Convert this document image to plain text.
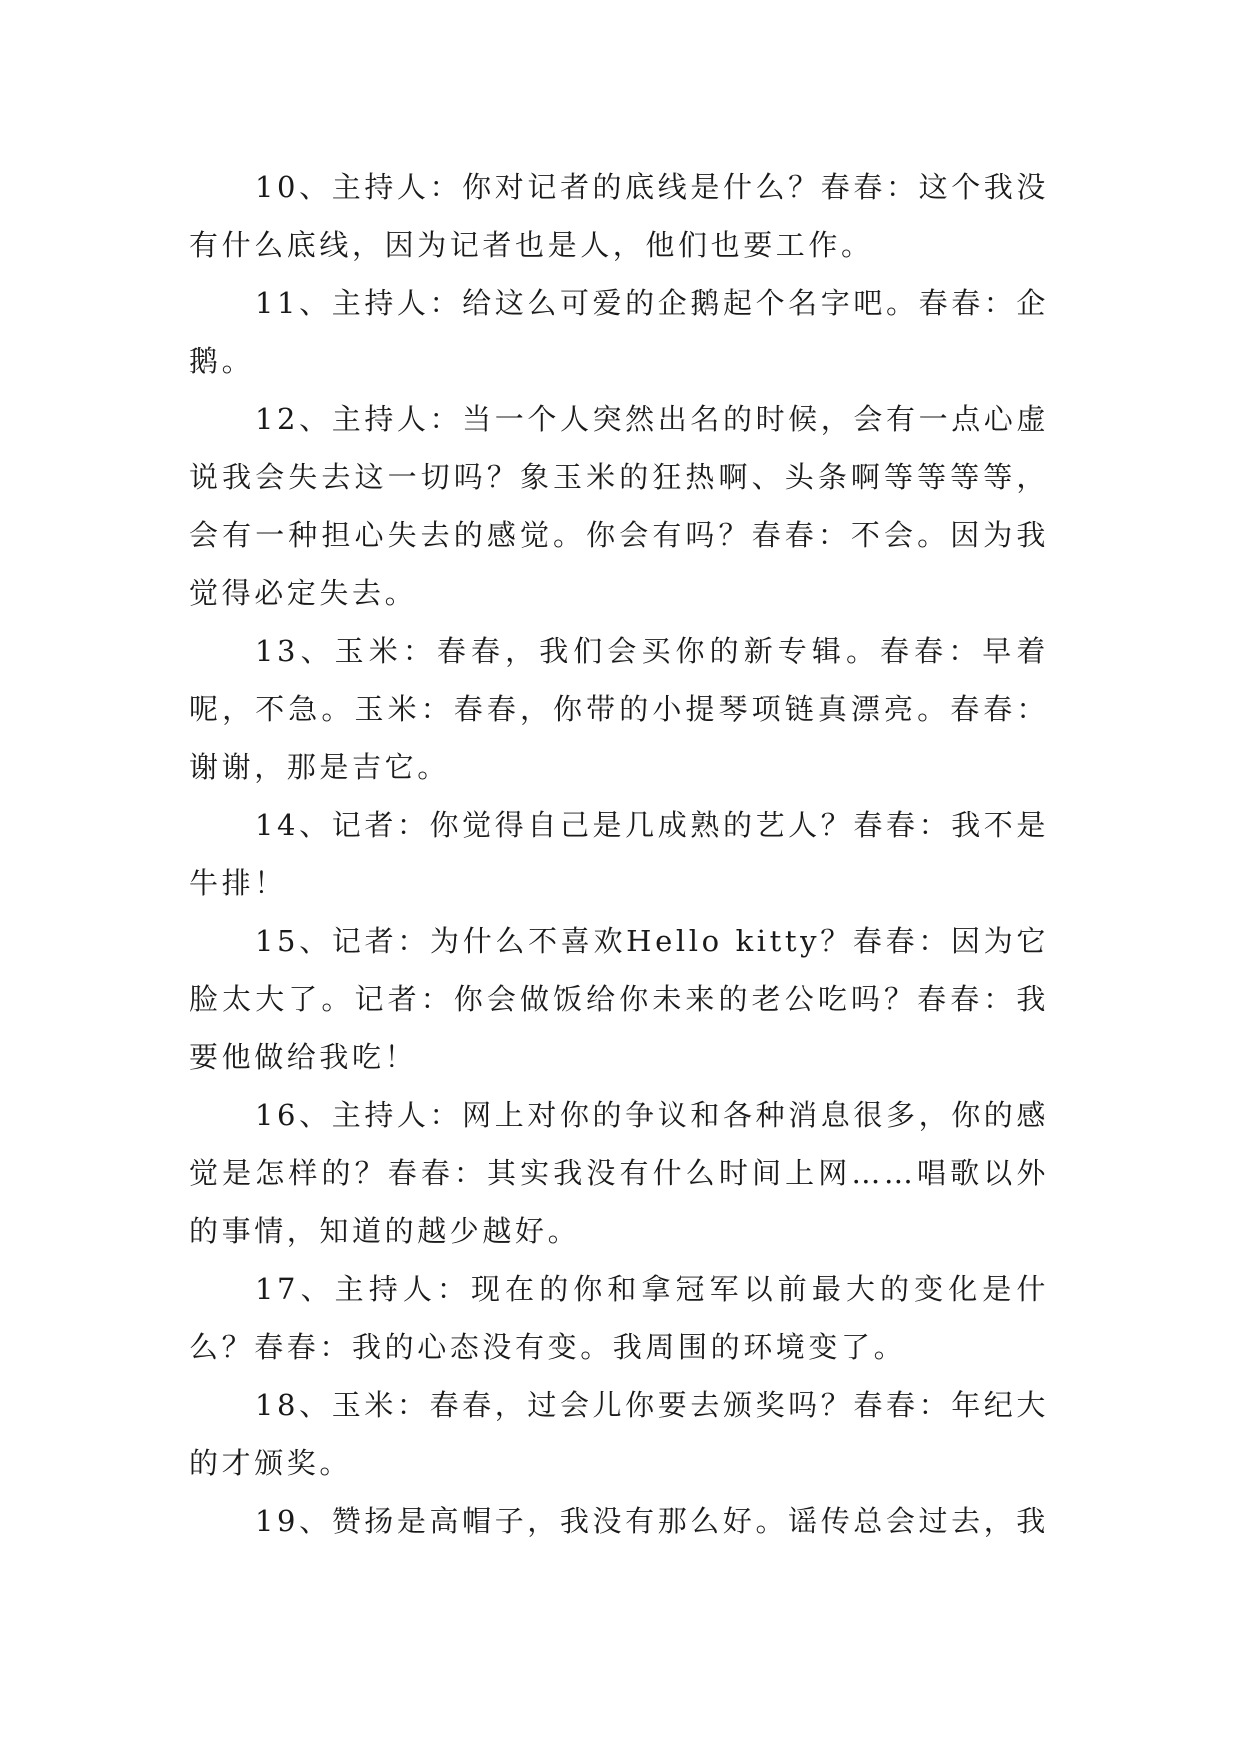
10、主持人：你对记者的底线是什么？春春：这个我没有什么底线，因为记者也是人，他们也要工作。

11、主持人：给这么可爱的企鹅起个名字吧。春春：企鹅。

12、主持人：当一个人突然出名的时候，会有一点心虚说我会失去这一切吗？象玉米的狂热啊、头条啊等等等等，会有一种担心失去的感觉。你会有吗？春春：不会。因为我觉得必定失去。

13、玉米：春春，我们会买你的新专辑。春春：早着呢，不急。玉米：春春，你带的小提琴项链真漂亮。春春：谢谢，那是吉它。

14、记者：你觉得自己是几成熟的艺人？春春：我不是牛排！

15、记者：为什么不喜欢Hello kitty？春春：因为它脸太大了。记者：你会做饭给你未来的老公吃吗？春春：我要他做给我吃！

16、主持人：网上对你的争议和各种消息很多，你的感觉是怎样的？春春：其实我没有什么时间上网……唱歌以外的事情，知道的越少越好。

17、主持人：现在的你和拿冠军以前最大的变化是什么？春春：我的心态没有变。我周围的环境变了。

18、玉米：春春，过会儿你要去颁奖吗？春春：年纪大的才颁奖。

19、赞扬是高帽子，我没有那么好。谣传总会过去，我
